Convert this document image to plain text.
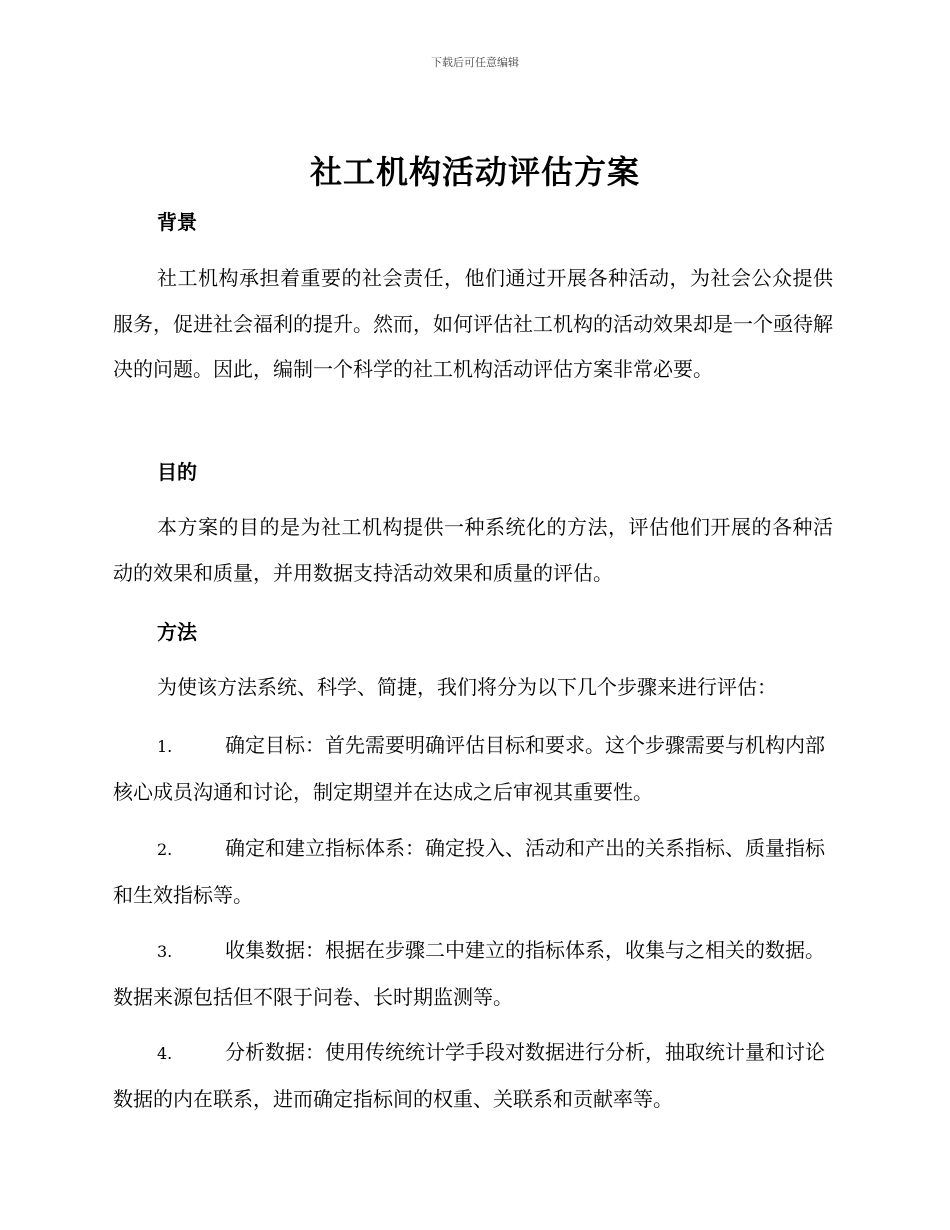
下载后可任意编辑
社工机构活动评估方案
背景
社工机构承担着重要的社会责任，他们通过开展各种活动，为社会公众提供服务，促进社会福利的提升。然而，如何评估社工机构的活动效果却是一个亟待解决的问题。因此，编制一个科学的社工机构活动评估方案非常必要。
目的
本方案的目的是为社工机构提供一种系统化的方法，评估他们开展的各种活动的效果和质量，并用数据支持活动效果和质量的评估。
方法
为使该方法系统、科学、简捷，我们将分为以下几个步骤来进行评估：
1.	确定目标：首先需要明确评估目标和要求。这个步骤需要与机构内部核心成员沟通和讨论，制定期望并在达成之后审视其重要性。
2.	确定和建立指标体系：确定投入、活动和产出的关系指标、质量指标和生效指标等。
3.	收集数据：根据在步骤二中建立的指标体系，收集与之相关的数据。数据来源包括但不限于问卷、长时期监测等。
4.	分析数据：使用传统统计学手段对数据进行分析，抽取统计量和讨论数据的内在联系，进而确定指标间的权重、关联系和贡献率等。
